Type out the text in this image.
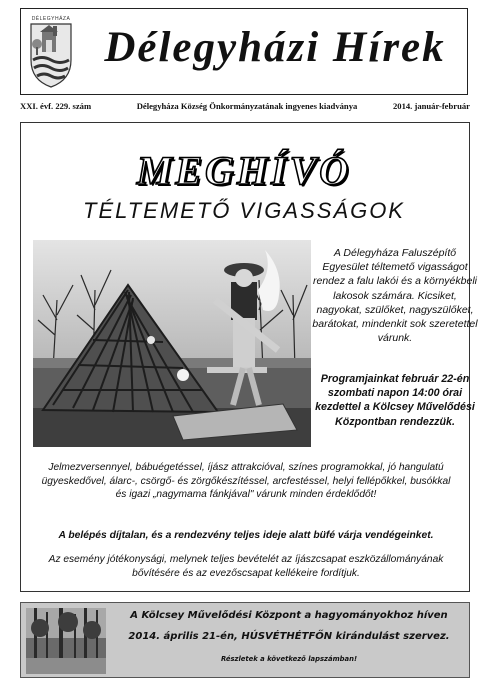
DÉLEGYHÁZA
Délegyházi Hírek
XXI. évf. 229. szám	Délegyháza Község Önkormányzatának ingyenes kiadványa	2014. január-február
MEGHÍVÓ
TÉLTEMETŐ VIGASSÁGOK
A Délegyháza Faluszépítő Egyesület téltemető vigasságot rendez a falu lakói és a környékbeli lakosok számára. Kicsiket, nagyokat, szülőket, nagyszülőket, barátokat, mindenkit sok szeretettel várunk.
Programjainkat február 22-én szombati napon 14:00 órai kezdettel a Kölcsey Művelődési Központban rendezzük.
Jelmezversennyel, bábuégetéssel, íjász attrakcióval, színes programokkal, jó hangulatú ügyeskedővel, álarc-, csörgő- és zörgőkészítéssel, arcfestéssel, helyi fellépőkkel, busókkal és igazi „nagymama fánkjával" várunk minden érdeklődőt!
A belépés díjtalan, és a rendezvény teljes ideje alatt büfé várja vendégeinket.
Az esemény jótékonysági, melynek teljes bevételét az íjászcsapat eszközállományának bővítésére és az evezőscsapat kellékeire fordítjuk.
A Kölcsey Művelődési Központ a hagyományokhoz híven
2014. április 21-én, HÚSVÉTHÉTFŐN kirándulást szervez.
Részletek a következő lapszámban!
